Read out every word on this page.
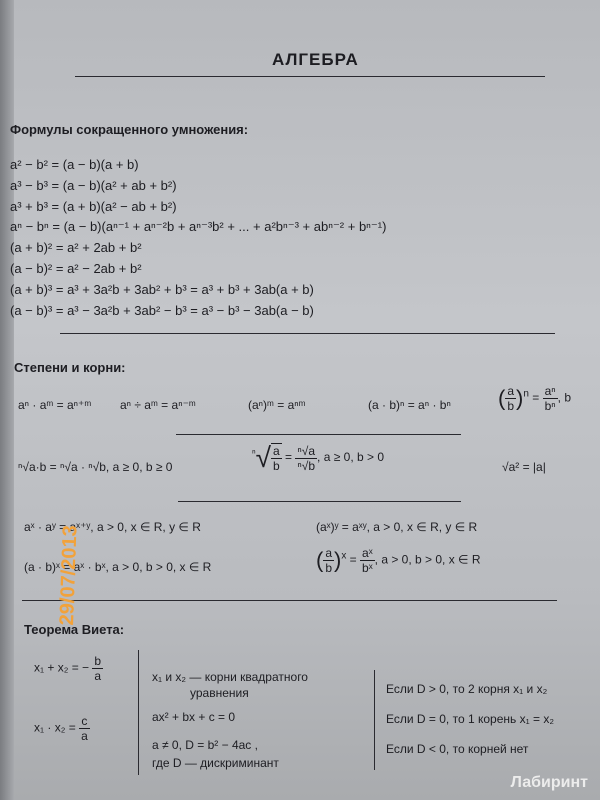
АЛГЕБРА
Формулы сокращенного умножения:
a² − b² = (a − b)(a + b)
a³ − b³ = (a − b)(a² + ab + b²)
a³ + b³ = (a + b)(a² − ab + b²)
aⁿ − bⁿ = (a − b)(aⁿ⁻¹ + aⁿ⁻²b + aⁿ⁻³b² + ... + a²bⁿ⁻³ + abⁿ⁻² + bⁿ⁻¹)
(a + b)² = a² + 2ab + b²
(a − b)² = a² − 2ab + b²
(a + b)³ = a³ + 3a²b + 3ab² + b³ = a³ + b³ + 3ab(a + b)
(a − b)³ = a³ − 3a²b + 3ab² − b³ = a³ − b³ − 3ab(a − b)
Степени и корни:
aⁿ · aᵐ = aⁿ⁺ᵐ aⁿ ÷ aᵐ = aⁿ⁻ᵐ	(aⁿ)ᵐ = aⁿᵐ	(a · b)ⁿ = aⁿ · bⁿ ( $\frac{a}{b} )^n = \frac{\text{aⁿ}}{\text{bⁿ}}$ , b
ⁿ√a·b = ⁿ√a · ⁿ√b, a ≥ 0, b ≥ 0
$^{^n}√ \frac{a}{b} = \frac{\text{ⁿ√a}}{\text{ⁿ√b}}$ , a ≥ 0, b > 0
√a² = |a|
aˣ · aʸ = aˣ⁺ʸ, a > 0, x ∈ R, y ∈ R	(aˣ)ʸ = aˣʸ, a > 0, x ∈ R, y ∈ R
(a · b)ˣ = aˣ · bˣ, a > 0, b > 0, x ∈ R	( $\frac{a}{b} )^x = \frac{\text{aˣ}}{\text{bˣ}}$ , a > 0, b > 0, x ∈ R
Теорема Виета:
x₁ + x₂ = − $\frac{b}{a}$
$x_1 \cdot x_2 = \frac{c}{a}$
x₁ и x₂ — корни квадратного
уравнения
ax² + bx + c = 0
a ≠ 0, D = b² − 4ac ,
где D — дискриминант
Если D > 0, то 2 корня x₁ и x₂
Если D = 0, то 1 корень x₁ = x₂
Если D < 0, то корней нет
29/07/2013
Лабиринт
